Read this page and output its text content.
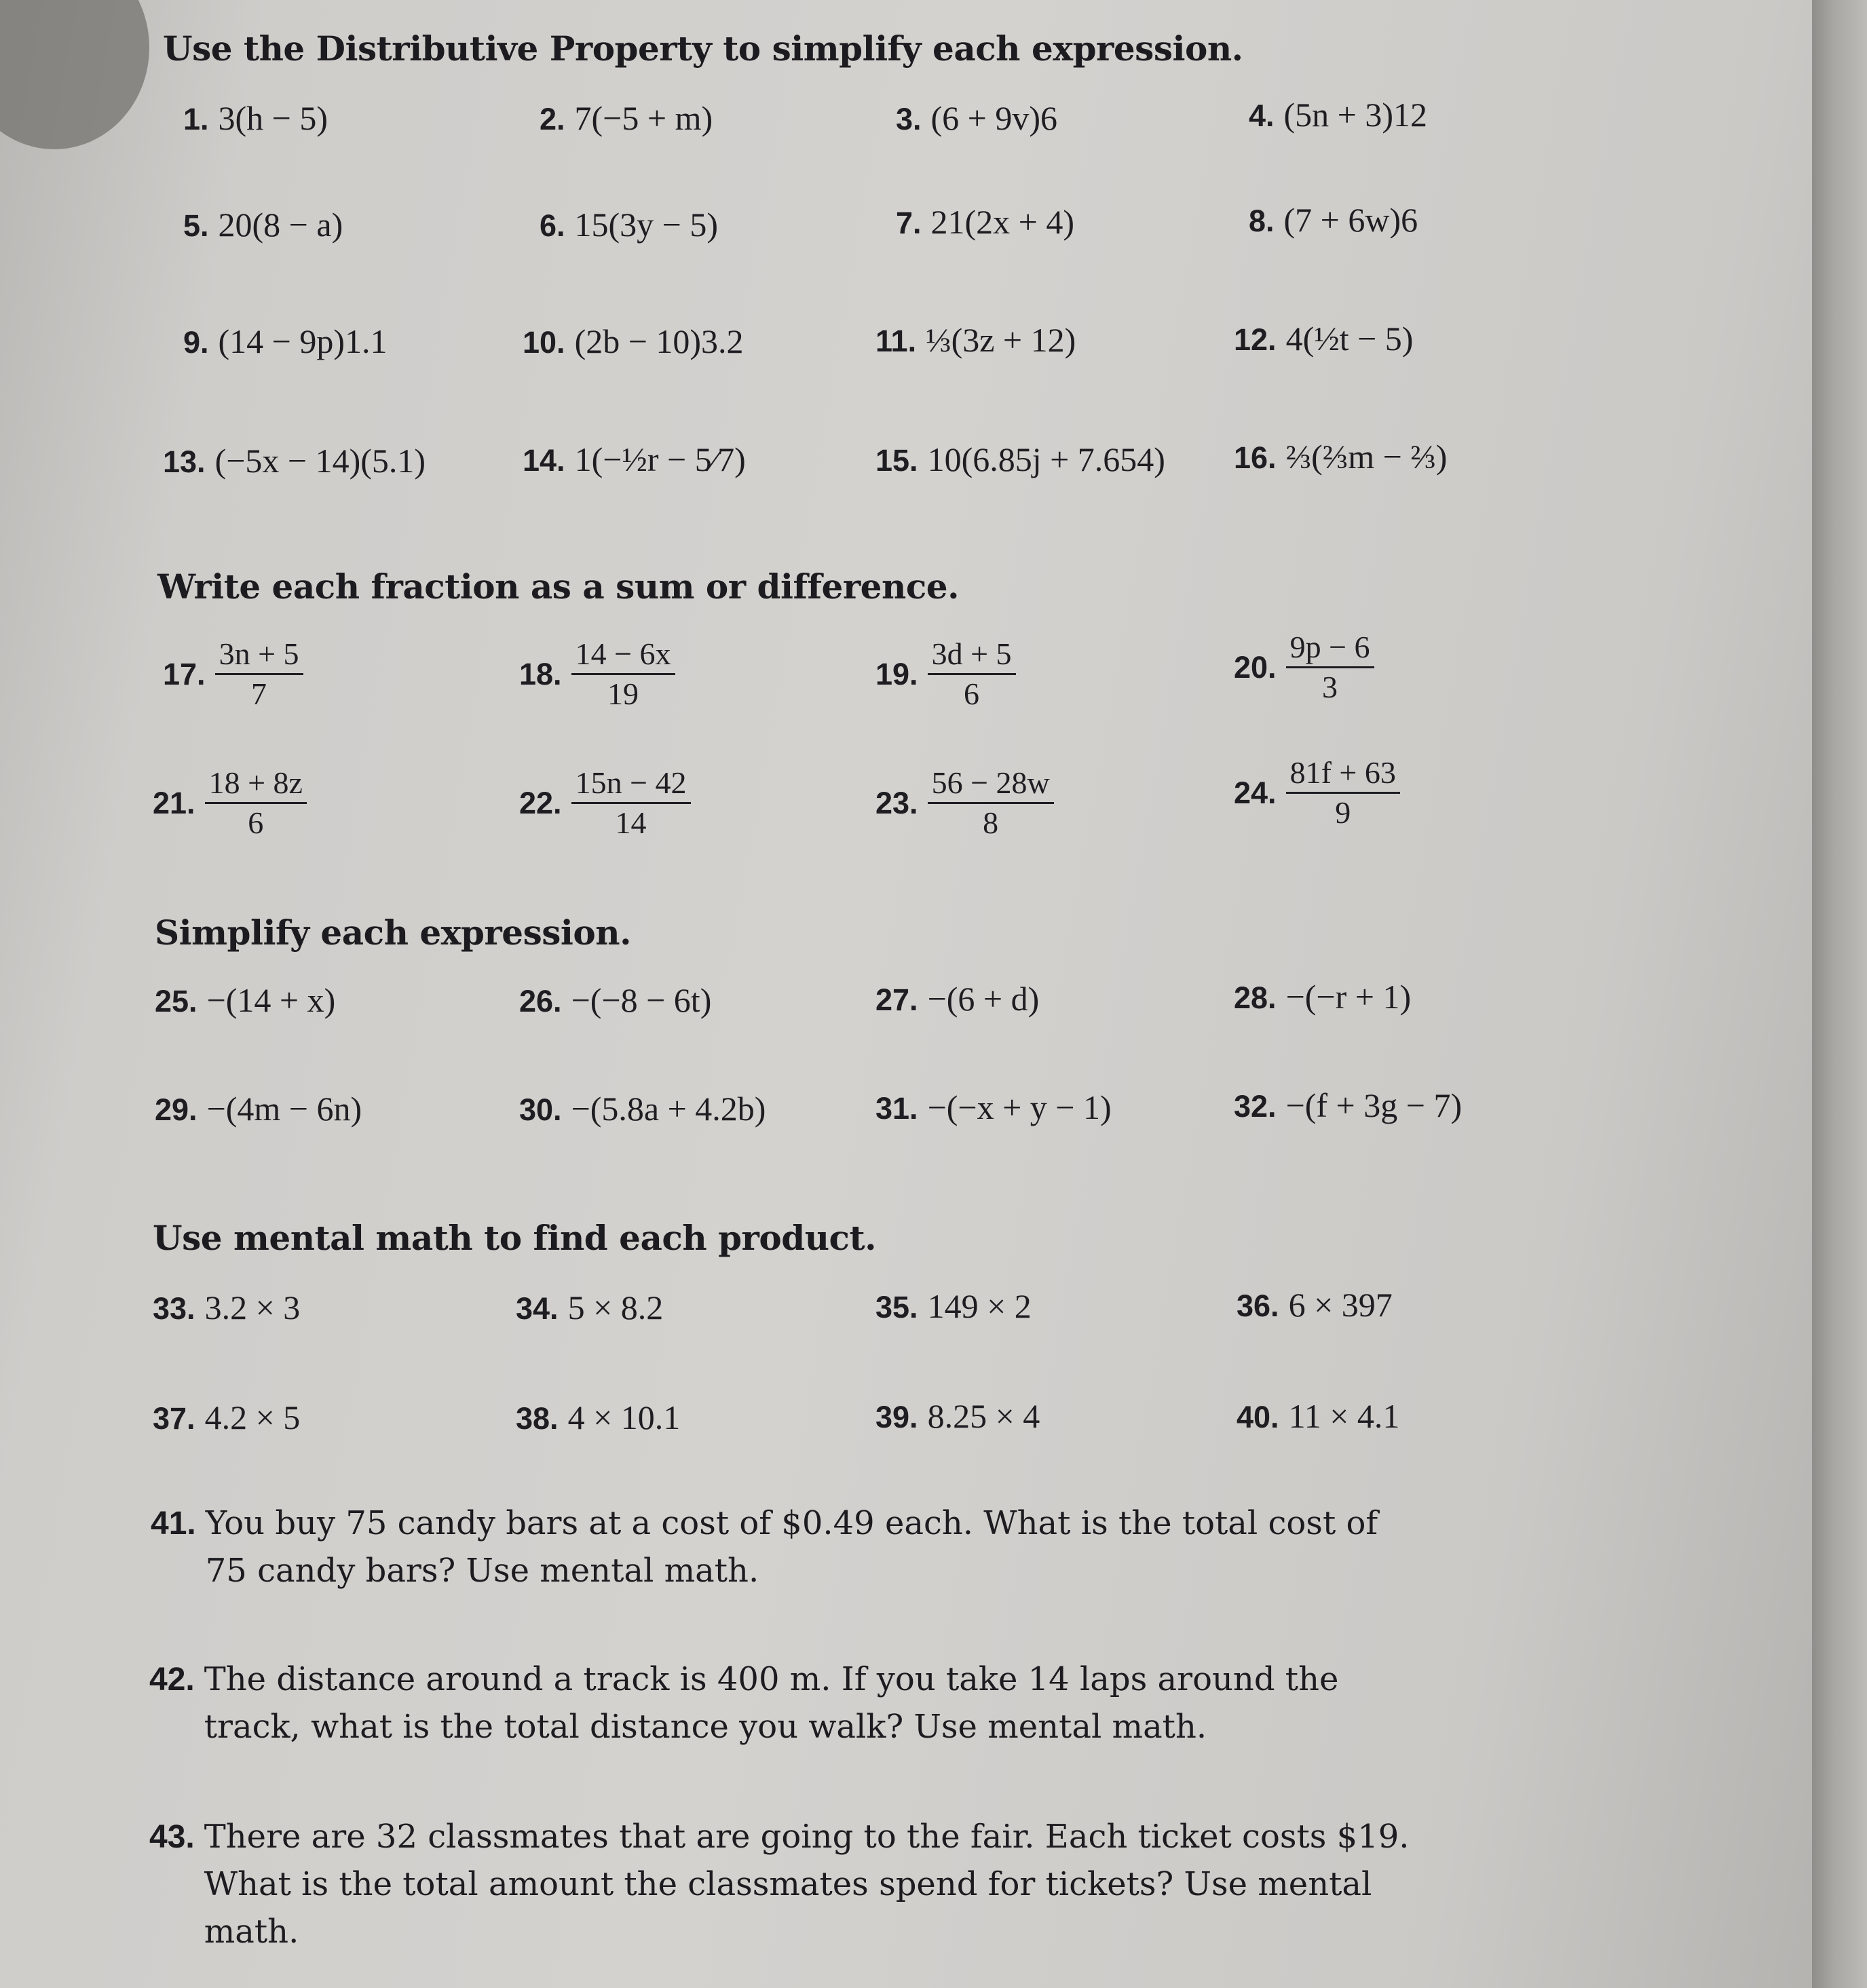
Use the Distributive Property to simplify each expression.
1. 3(h − 5)	2. 7(−5 + m)	3. (6 + 9v)6	4. (5n + 3)12
5. 20(8 − a)	6. 15(3y − 5)	7. 21(2x + 4)	8. (7 + 6w)6
9. (14 − 9p)1.1	10. (2b − 10)3.2	11. ⅓(3z + 12)	12. 4(½t − 5)
13. (−5x − 14)(5.1)	14. 1(−½r − 5⁄7)	15. 10(6.85j + 7.654) 16. ⅔(⅔m − ⅔)
Write each fraction as a sum or difference.
17. $\frac{3n + 5}{7}$	18. $\frac{14 - 6x}{19}$	19. $\frac{3d + 5}{6}$	20. $\frac{9p - 6}{3}$
21. $\frac{18 + 8z}{6}$	22. $\frac{15n - 42}{14}$	23. $\frac{56 - 28w}{8}$	24. $\frac{81f + 63}{9}$
Simplify each expression.
25. −(14 + x)	26. −(−8 − 6t)	27. −(6 + d)	28. −(−r + 1)
29. −(4m − 6n)	30. −(5.8a + 4.2b)	31. −(−x + y − 1)	32. −(f + 3g − 7)
Use mental math to find each product.
33. 3.2 × 3	34. 5 × 8.2	35. 149 × 2	36. 6 × 397
37. 4.2 × 5	38. 4 × 10.1	39. 8.25 × 4	40. 11 × 4.1
41. You buy 75 candy bars at a cost of $0.49 each. What is the total cost of 75 candy bars? Use mental math.
42. The distance around a track is 400 m. If you take 14 laps around the track, what is the total distance you walk? Use mental math.
43. There are 32 classmates that are going to the fair. Each ticket costs $19. What is the total amount the classmates spend for tickets? Use mental math.
